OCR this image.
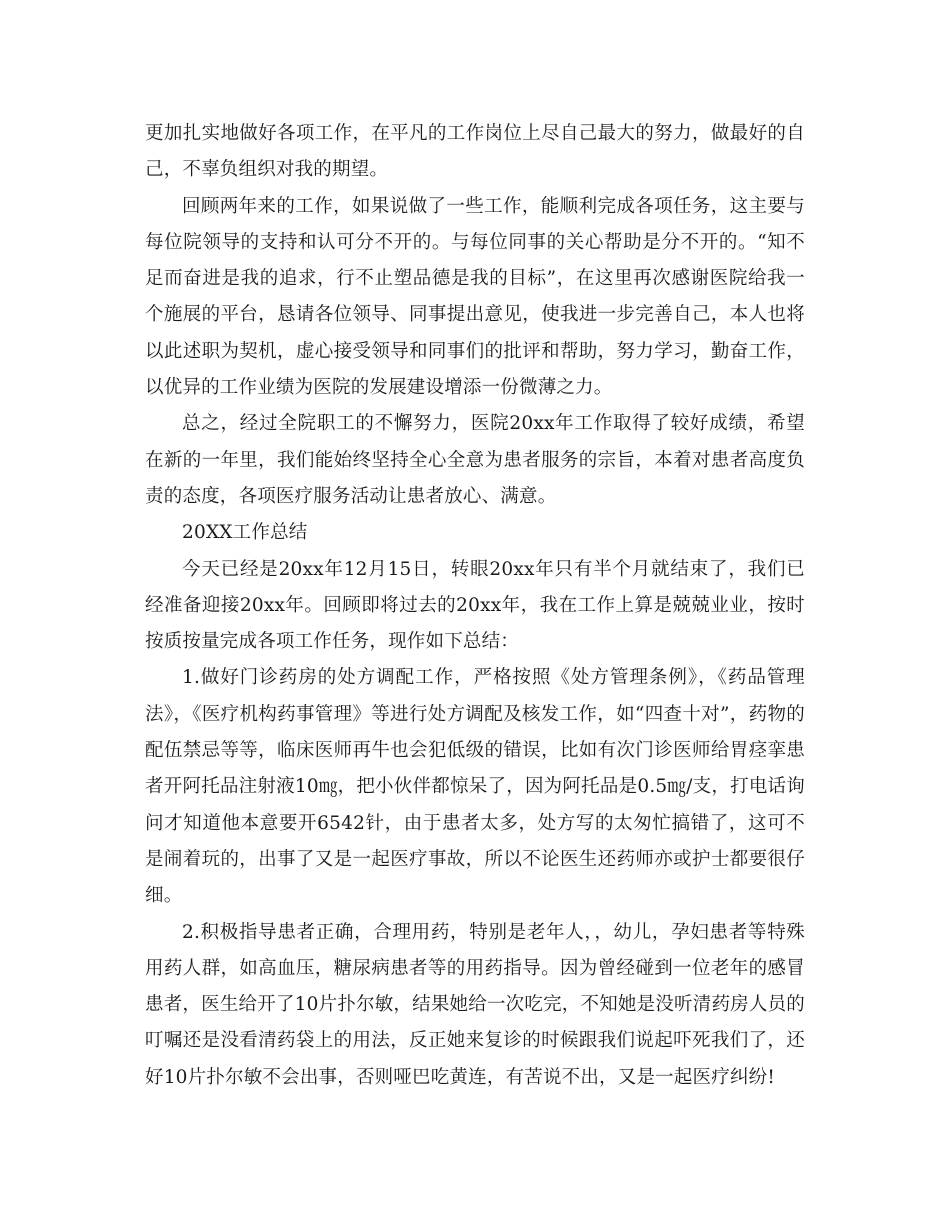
更加扎实地做好各项工作，在平凡的工作岗位上尽自己最大的努力，做最好的自己，不辜负组织对我的期望。

回顾两年来的工作，如果说做了一些工作，能顺利完成各项任务，这主要与每位院领导的支持和认可分不开的。与每位同事的关心帮助是分不开的。“知不足而奋进是我的追求，行不止塑品德是我的目标”，在这里再次感谢医院给我一个施展的平台，恳请各位领导、同事提出意见，使我进一步完善自己，本人也将以此述职为契机，虚心接受领导和同事们的批评和帮助，努力学习，勤奋工作，以优异的工作业绩为医院的发展建设增添一份微薄之力。

总之，经过全院职工的不懈努力，医院20xx年工作取得了较好成绩，希望在新的一年里，我们能始终坚持全心全意为患者服务的宗旨，本着对患者高度负责的态度，各项医疗服务活动让患者放心、满意。

20XX工作总结

今天已经是20xx年12月15日，转眼20xx年只有半个月就结束了，我们已经准备迎接20xx年。回顾即将过去的20xx年，我在工作上算是兢兢业业，按时按质按量完成各项工作任务，现作如下总结：

1.做好门诊药房的处方调配工作，严格按照《处方管理条例》，《药品管理法》，《医疗机构药事管理》等进行处方调配及核发工作，如“四查十对”，药物的配伍禁忌等等，临床医师再牛也会犯低级的错误，比如有次门诊医师给胃痉挛患者开阿托品注射液10㎎，把小伙伴都惊呆了，因为阿托品是0.5㎎/支，打电话询问才知道他本意要开6542针，由于患者太多，处方写的太匆忙搞错了，这可不是闹着玩的，出事了又是一起医疗事故，所以不论医生还药师亦或护士都要很仔细。

2.积极指导患者正确，合理用药，特别是老年人，，幼儿，孕妇患者等特殊用药人群，如高血压，糖尿病患者等的用药指导。因为曾经碰到一位老年的感冒患者，医生给开了10片扑尔敏，结果她给一次吃完，不知她是没听清药房人员的叮嘱还是没看清药袋上的用法，反正她来复诊的时候跟我们说起吓死我们了，还好10片扑尔敏不会出事，否则哑巴吃黄连，有苦说不出，又是一起医疗纠纷!
